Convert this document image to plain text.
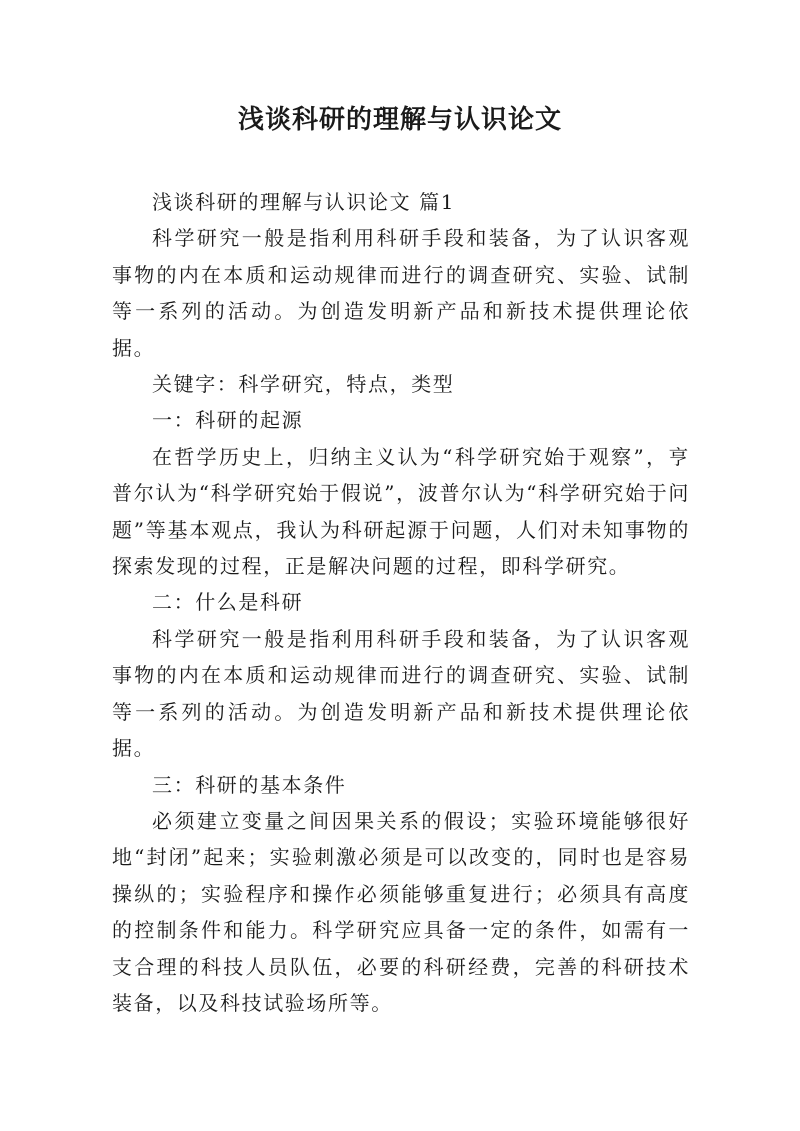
浅谈科研的理解与认识论文

浅谈科研的理解与认识论文 篇1

科学研究一般是指利用科研手段和装备，为了认识客观事物的内在本质和运动规律而进行的调查研究、实验、试制等一系列的活动。为创造发明新产品和新技术提供理论依据。

关键字：科学研究，特点，类型

一：科研的起源

在哲学历史上，归纳主义认为“科学研究始于观察”，亨普尔认为“科学研究始于假说”，波普尔认为“科学研究始于问题”等基本观点，我认为科研起源于问题，人们对未知事物的探索发现的过程，正是解决问题的过程，即科学研究。

二：什么是科研

科学研究一般是指利用科研手段和装备，为了认识客观事物的内在本质和运动规律而进行的调查研究、实验、试制等一系列的活动。为创造发明新产品和新技术提供理论依据。

三：科研的基本条件

必须建立变量之间因果关系的假设；实验环境能够很好地“封闭”起来；实验刺激必须是可以改变的，同时也是容易操纵的；实验程序和操作必须能够重复进行；必须具有高度的控制条件和能力。科学研究应具备一定的条件，如需有一支合理的科技人员队伍，必要的科研经费，完善的科研技术装备，以及科技试验场所等。
